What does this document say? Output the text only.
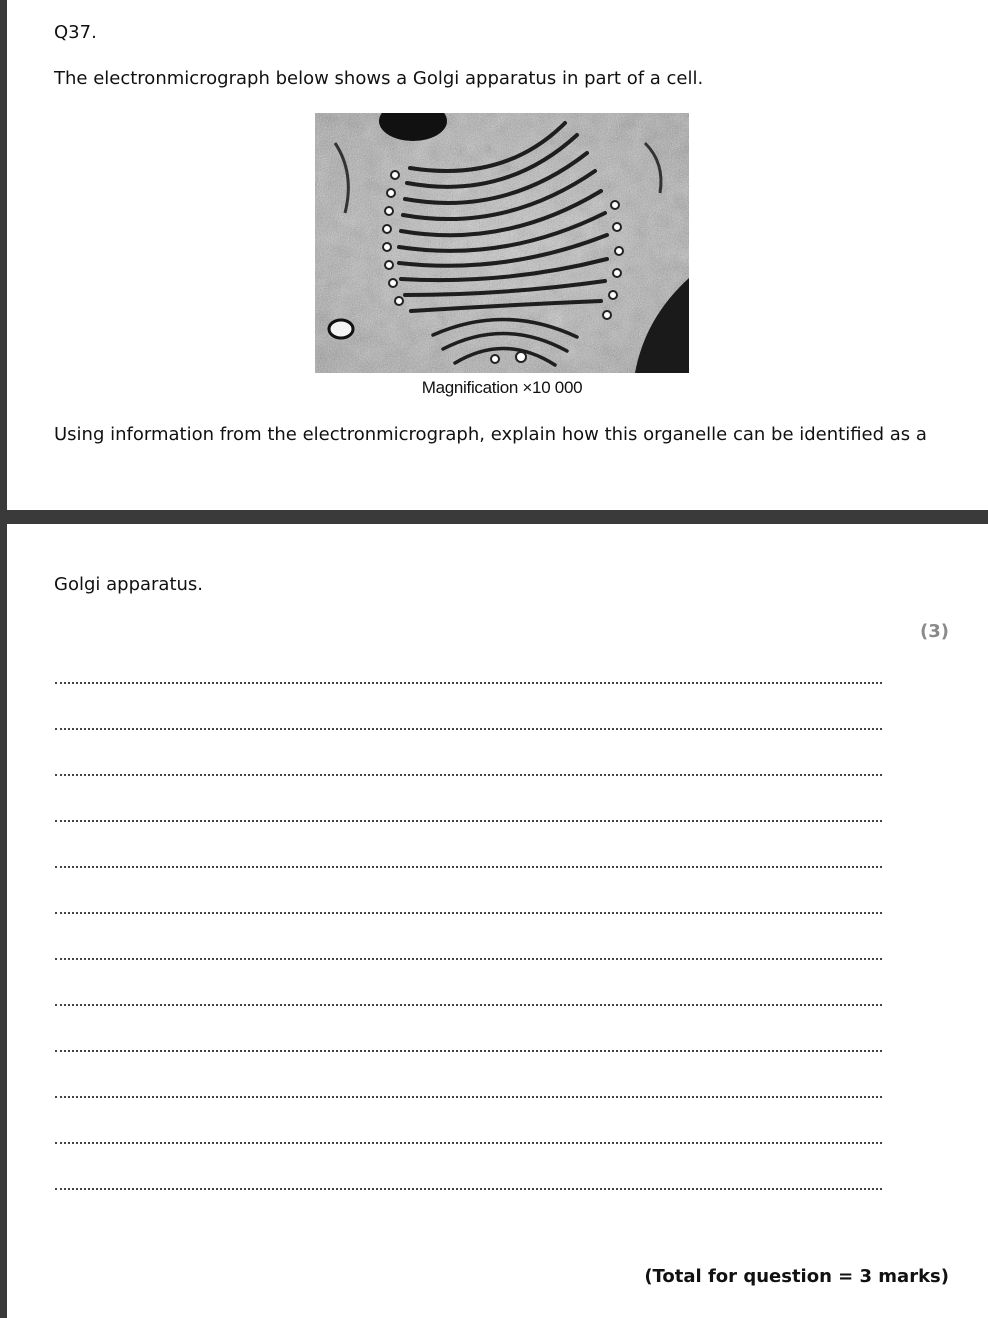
Q37.
The electronmicrograph below shows a Golgi apparatus in part of a cell.
Magnification ×10 000
Using information from the electronmicrograph, explain how this organelle can be identified as a
Golgi apparatus.
(3)
(Total for question = 3 marks)
